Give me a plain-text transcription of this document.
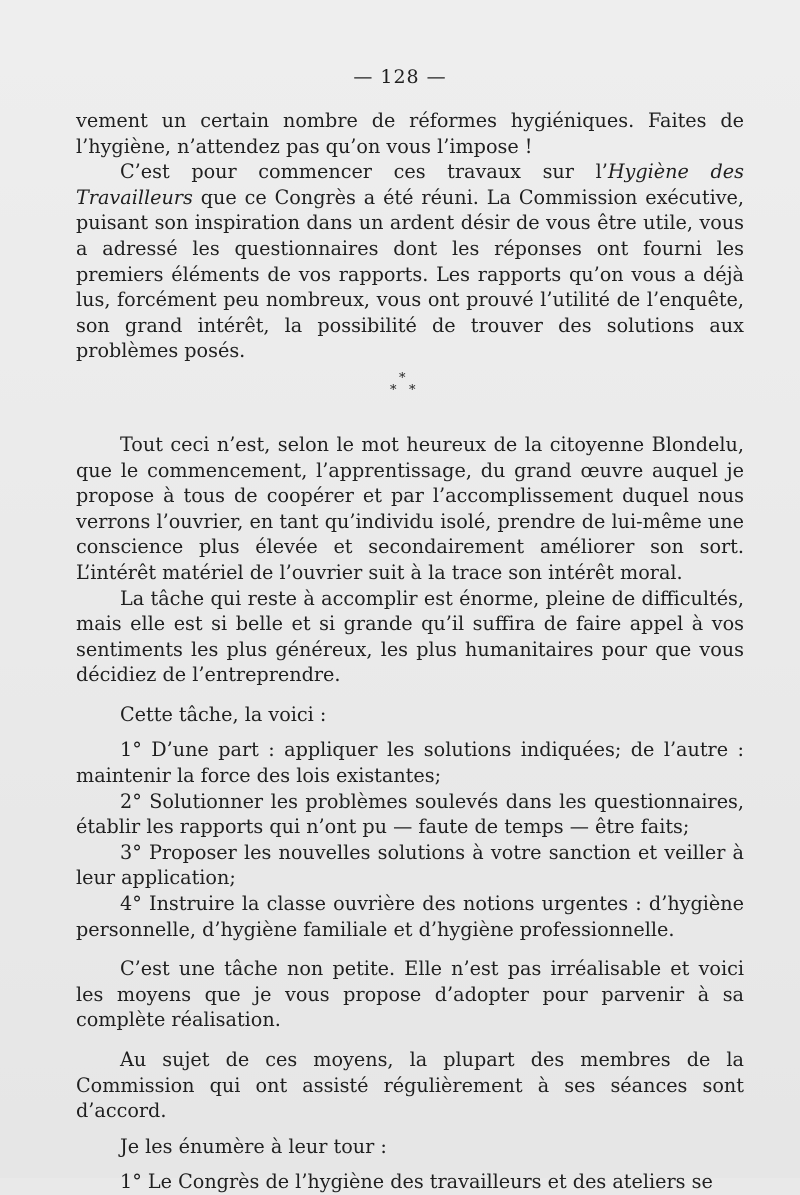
— 128 —

vement un certain nombre de réformes hygiéniques. Faites de l’hygiène, n’attendez pas qu’on vous l’impose !

C’est pour commencer ces travaux sur l’Hygiène des Travailleurs que ce Congrès a été réuni. La Commission exécutive, puisant son inspiration dans un ardent désir de vous être utile, vous a adressé les questionnaires dont les réponses ont fourni les premiers éléments de vos rapports. Les rapports qu’on vous a déjà lus, forcément peu nombreux, vous ont prouvé l’utilité de l’enquête, son grand intérêt, la possibilité de trouver des solutions aux problèmes posés.

*
* *

Tout ceci n’est, selon le mot heureux de la citoyenne Blondelu, que le commencement, l’apprentissage, du grand œuvre auquel je propose à tous de coopérer et par l’accomplissement duquel nous verrons l’ouvrier, en tant qu’individu isolé, prendre de lui-même une conscience plus élevée et secondairement améliorer son sort. L’intérêt matériel de l’ouvrier suit à la trace son intérêt moral.

La tâche qui reste à accomplir est énorme, pleine de difficultés, mais elle est si belle et si grande qu’il suffira de faire appel à vos sentiments les plus généreux, les plus humanitaires pour que vous décidiez de l’entreprendre.

Cette tâche, la voici :

1° D’une part : appliquer les solutions indiquées; de l’autre : maintenir la force des lois existantes;

2° Solutionner les problèmes soulevés dans les questionnaires, établir les rapports qui n’ont pu — faute de temps — être faits;

3° Proposer les nouvelles solutions à votre sanction et veiller à leur application;

4° Instruire la classe ouvrière des notions urgentes : d’hygiène personnelle, d’hygiène familiale et d’hygiène professionnelle.

C’est une tâche non petite. Elle n’est pas irréalisable et voici les moyens que je vous propose d’adopter pour parvenir à sa complète réalisation.

Au sujet de ces moyens, la plupart des membres de la Commission qui ont assisté régulièrement à ses séances sont d’accord.

Je les énumère à leur tour :

1° Le Congrès de l’hygiène des travailleurs et des ateliers se
